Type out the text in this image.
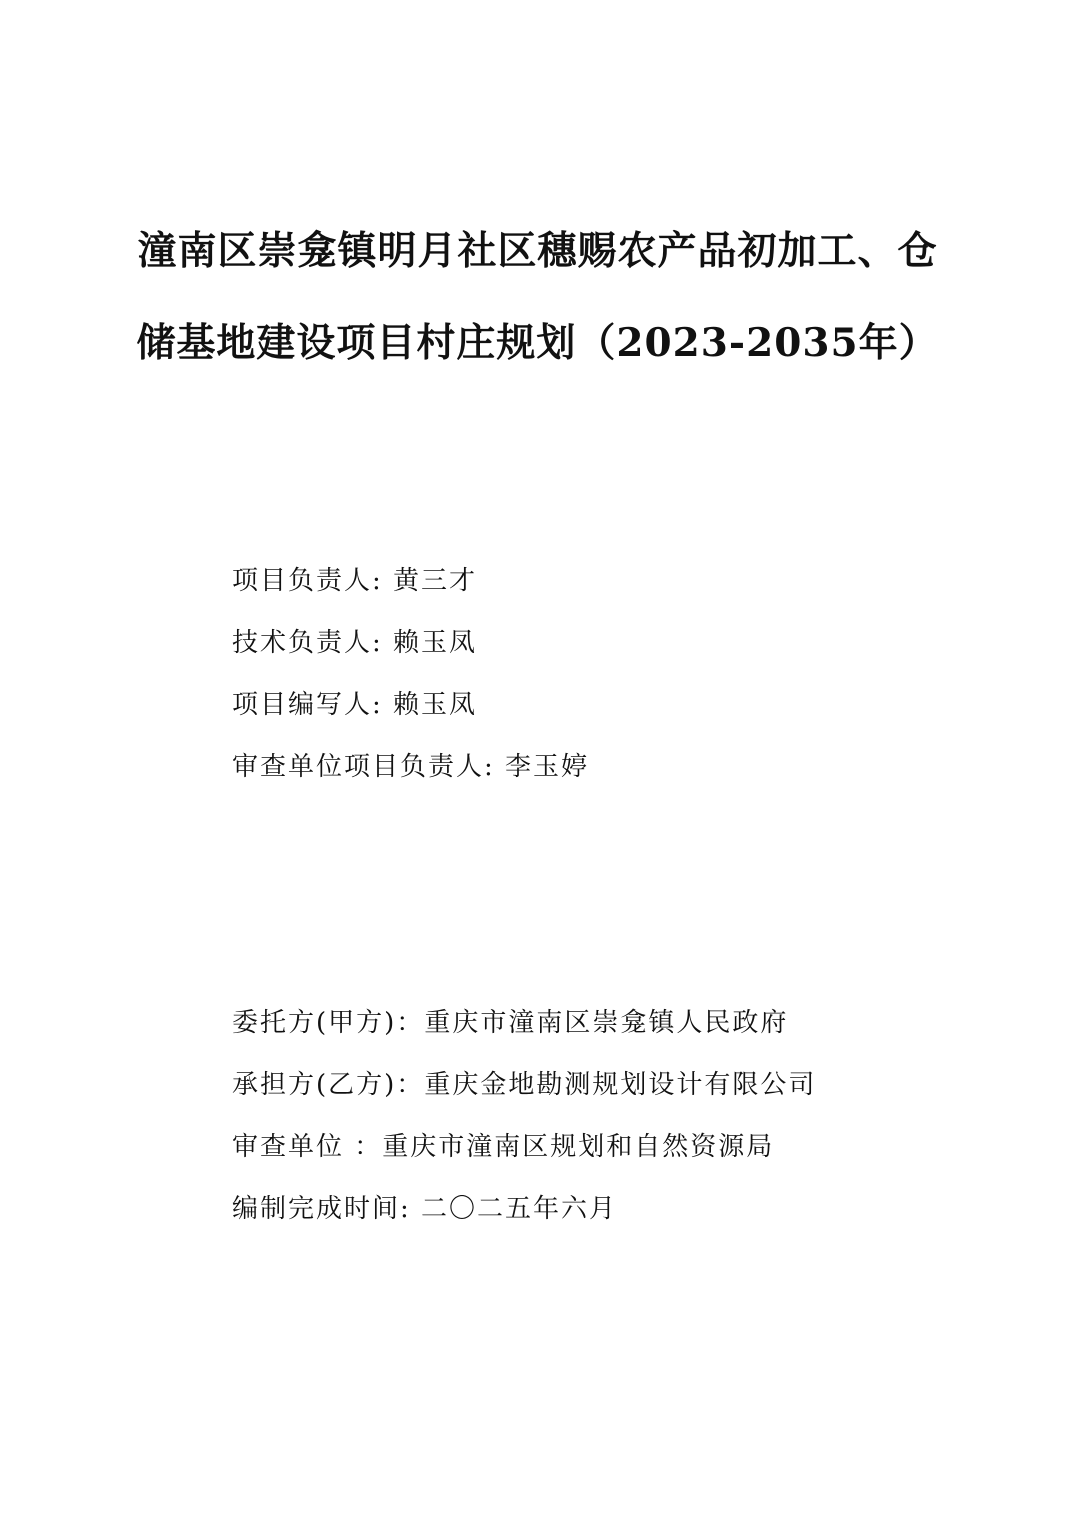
潼南区崇龛镇明月社区穗赐农产品初加工、仓
储基地建设项目村庄规划（2023-2035年）
项目负责人: 黄三才
技术负责人: 赖玉凤
项目编写人: 赖玉凤
审查单位项目负责人: 李玉婷
委托方(甲方)：重庆市潼南区崇龛镇人民政府
承担方(乙方)：重庆金地勘测规划设计有限公司
审查单位 ：重庆市潼南区规划和自然资源局
编制完成时间: 二〇二五年六月
